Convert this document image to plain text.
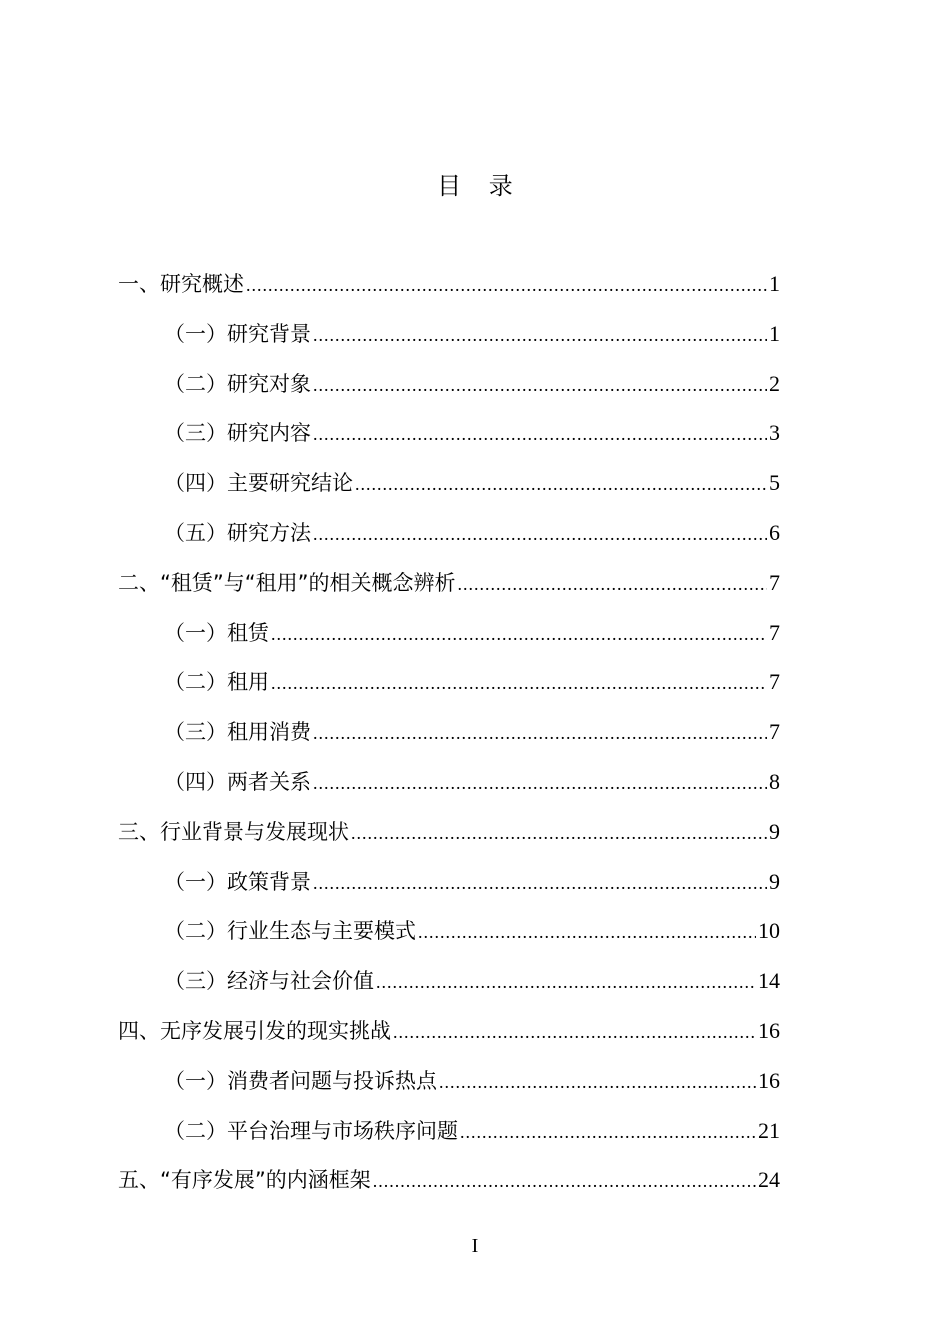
目 录
一、研究概述 .....	1
（一）研究背景 .....	1
（二）研究对象 .....	2
（三）研究内容 .....	3
（四）主要研究结论 .....	5
（五）研究方法 .....	6
二、“租赁”与“租用”的相关概念辨析 .....	7
（一）租赁 .....	7
（二）租用 .....	7
（三）租用消费 .....	7
（四）两者关系 .....	8
三、行业背景与发展现状 .....	9
（一）政策背景 .....	9
（二）行业生态与主要模式 .....	10
（三）经济与社会价值 .....	14
四、无序发展引发的现实挑战 .....	16
（一）消费者问题与投诉热点 .....	16
（二）平台治理与市场秩序问题 .....	21
五、“有序发展”的内涵框架 .....	24
I
